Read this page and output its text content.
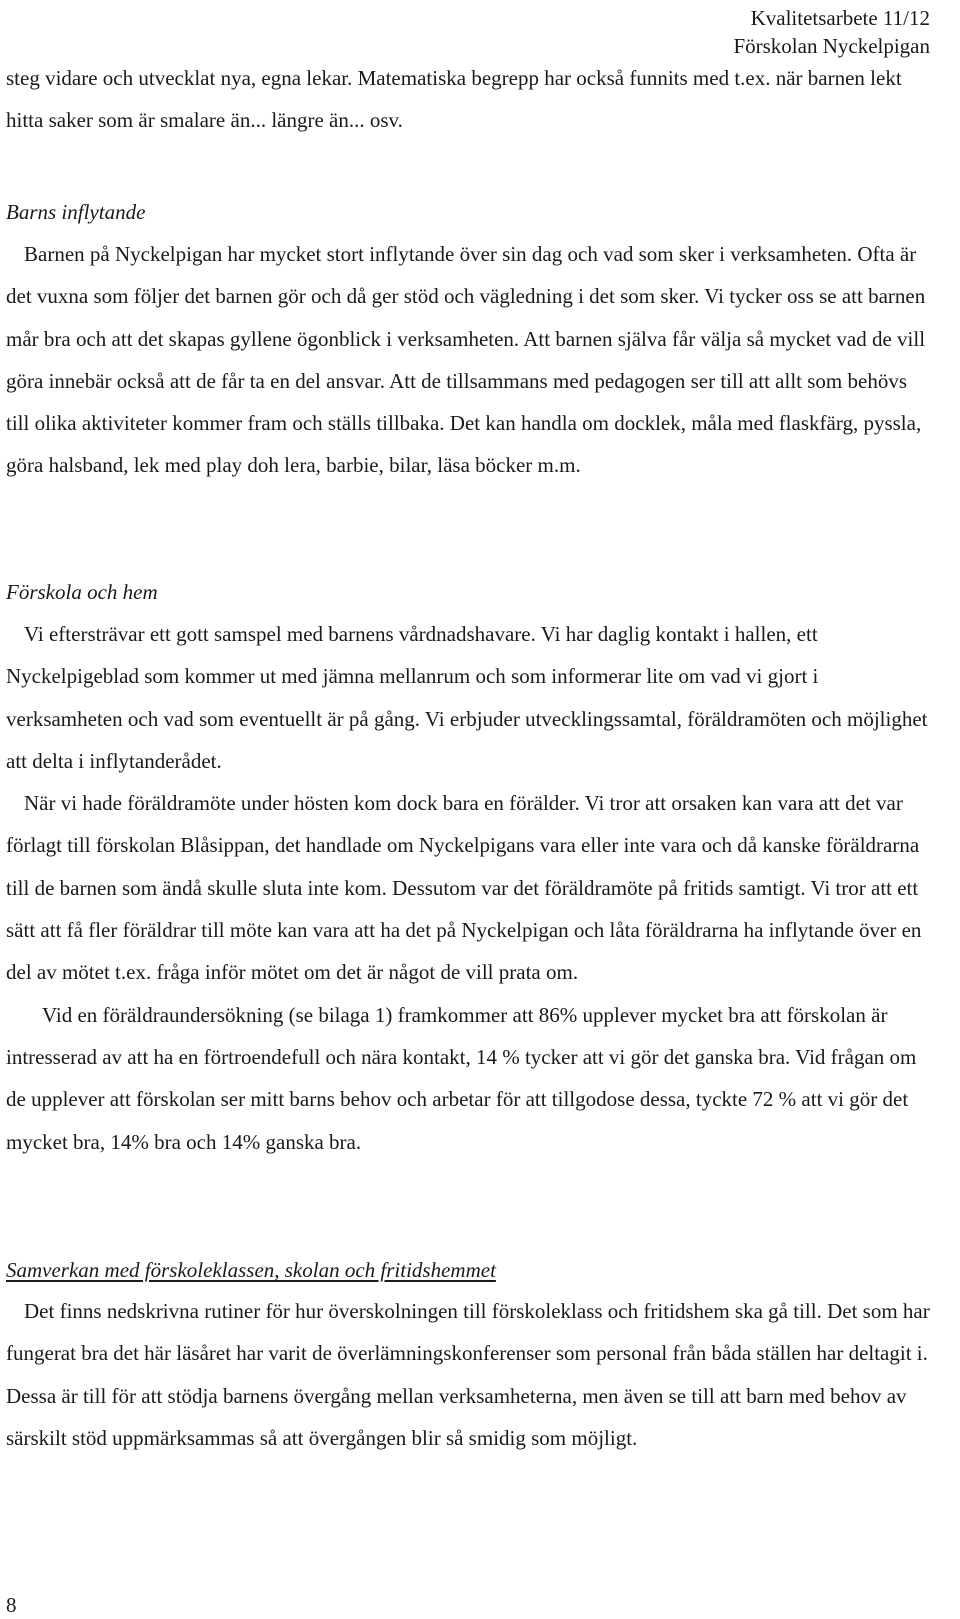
Kvalitetsarbete 11/12
Förskolan Nyckelpigan

steg vidare och utvecklat nya, egna lekar. Matematiska begrepp har också funnits med t.ex. när barnen lekt hitta saker som är smalare än... längre än... osv.

Barns inflytande

Barnen på Nyckelpigan har mycket stort inflytande över sin dag och vad som sker i verksamheten. Ofta är det vuxna som följer det barnen gör och då ger stöd och vägledning i det som sker. Vi tycker oss se att barnen mår bra och att det skapas gyllene ögonblick i verksamheten. Att barnen själva får välja så mycket vad de vill göra innebär också att de får ta en del ansvar. Att de tillsammans med pedagogen ser till att allt som behövs till olika aktiviteter kommer fram och ställs tillbaka. Det kan handla om docklek, måla med flaskfärg, pyssla, göra halsband, lek med play doh lera, barbie, bilar, läsa böcker m.m.

Förskola och hem

Vi eftersträvar ett gott samspel med barnens vårdnadshavare. Vi har daglig kontakt i hallen, ett Nyckelpigeblad som kommer ut med jämna mellanrum och som informerar lite om vad vi gjort i verksamheten och vad som eventuellt är på gång. Vi erbjuder utvecklingssamtal, föräldramöten och möjlighet att delta i inflytanderådet.

När vi hade föräldramöte under hösten kom dock bara en förälder. Vi tror att orsaken kan vara att det var förlagt till förskolan Blåsippan, det handlade om Nyckelpigans vara eller inte vara och då kanske föräldrarna till de barnen som ändå skulle sluta inte kom. Dessutom var det föräldramöte på fritids samtigt. Vi tror att ett sätt att få fler föräldrar till möte kan vara att ha det på Nyckelpigan och låta föräldrarna ha inflytande över en del av mötet t.ex. fråga inför mötet om det är något de vill prata om.

Vid en föräldraundersökning (se bilaga 1) framkommer att 86% upplever mycket bra att förskolan är intresserad av att ha en förtroendefull och nära kontakt, 14 % tycker att vi gör det ganska bra. Vid frågan om de upplever att förskolan ser mitt barns behov och arbetar för att tillgodose dessa, tyckte 72 % att vi gör det mycket bra, 14% bra och 14% ganska bra.

Samverkan med förskoleklassen, skolan och fritidshemmet

Det finns nedskrivna rutiner för hur överskolningen till förskoleklass och fritidshem ska gå till. Det som har fungerat bra det här läsåret har varit de överlämningskonferenser som personal från båda ställen har deltagit i. Dessa är till för att stödja barnens övergång mellan verksamheterna, men även se till att barn med behov av särskilt stöd uppmärksammas så att övergången blir så smidig som möjligt.

8
